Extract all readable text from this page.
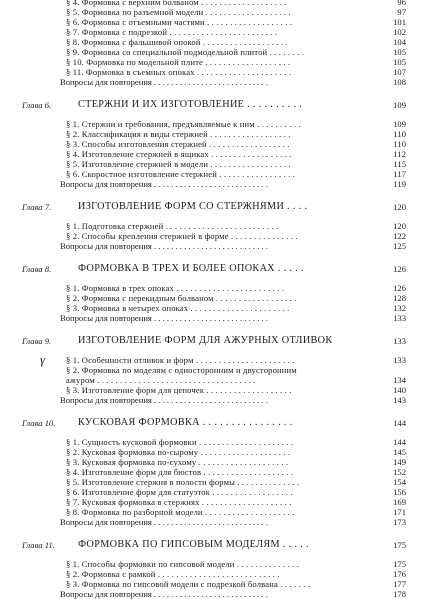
§ 4. Формовка с верхним болваном . . . . . . . . . . . . . . . . . . .	96
§ 5. Формовка по разъемной модели . . . . . . . . . . . . . . . . . . .	97
§ 6. Формовка с отъемными частями . . . . . . . . . . . . . . . . . . .	101
§ 7. Формовка с подрезкой . . . . . . . . . . . . . . . . . . . . . . . .	102
§ 8. Формовка с фальшивой опокой . . . . . . . . . . . . . . . . . . .	104
§ 9. Формовка со специальной подмодельной плитой . . . . . . . .	105
§ 10. Формовка по модельной плите . . . . . . . . . . . . . . . . . . .	105
§ 11. Формовка в съемных опоках . . . . . . . . . . . . . . . . . . . . .	107
Вопросы для повторения . . . . . . . . . . . . . . . . . . . . . . . . . . .	108
Глава 6.	СТЕРЖНИ И ИХ ИЗГОТОВЛЕНИЕ . . . . . . . . . .	109
§ 1. Стержни и требования, предъявляемые к ним . . . . . . . . . .	109
§ 2. Классификация и виды стержней . . . . . . . . . . . . . . . . . .	110
§ 3. Способы изготовления стержней . . . . . . . . . . . . . . . . . .	110
§ 4. Изготовление стержней в ящиках . . . . . . . . . . . . . . . . . .	112
§ 5. Изготовление стержней в модели . . . . . . . . . . . . . . . . . .	115
§ 6. Скоростное изготовление стержней . . . . . . . . . . . . . . . . .	117
Вопросы для повторения . . . . . . . . . . . . . . . . . . . . . . . . . . .	119
Глава 7.	ИЗГОТОВЛЕНИЕ ФОРМ СО СТЕРЖНЯМИ . . . .	120
§ 1. Подготовка стержней . . . . . . . . . . . . . . . . . . . . . . . . .	120
§ 2. Способы крепления стержней в форме . . . . . . . . . . . . . . .	122
Вопросы для повторения . . . . . . . . . . . . . . . . . . . . . . . . . . .	125
Глава 8.	ФОРМОВКА В ТРЕХ И БОЛЕЕ ОПОКАХ . . . . .	126
§ 1. Формовка в трех опоках . . . . . . . . . . . . . . . . . . . . . . . .	126
§ 2. Формовка с перекидным болваном . . . . . . . . . . . . . . . . . .	128
§ 3. Формовка в четырех опоках . . . . . . . . . . . . . . . . . . . . . .	132
Вопросы для повторения . . . . . . . . . . . . . . . . . . . . . . . . . . .	133
Глава 9.	ИЗГОТОВЛЕНИЕ ФОРМ ДЛЯ АЖУРНЫХ ОТЛИВОК	133
§ 1. Особенности отливок и форм . . . . . . . . . . . . . . . . . . . . . .	133
§ 2. Формовка по моделям с односторонним и двусторонним
ажуром . . . . . . . . . . . . . . . . . . . . . . . . . . . . . . . . . . .	134
§ 3. Изготовление форм для цепочек . . . . . . . . . . . . . . . . . . .	140
Вопросы для повторения . . . . . . . . . . . . . . . . . . . . . . . . . . .	143
Глава 10. КУСКОВАЯ ФОРМОВКА . . . . . . . . . . . . . . . .	144
§ 1. Сущность кусковой формовки . . . . . . . . . . . . . . . . . . . . .	144
§ 2. Кусковая формовка по-сырому . . . . . . . . . . . . . . . . . . . .	145
§ 3. Кусковая формовка по-сухому . . . . . . . . . . . . . . . . . . . .	149
§ 4. Изготовление форм для бюстов . . . . . . . . . . . . . . . . . . . .	152
§ 5. Изготовление стержня в полости формы . . . . . . . . . . . . . .	154
§ 6. Изготовление форм для статуэток . . . . . . . . . . . . . . . . . .	156
§ 7. Кусковая формовка в стержнях . . . . . . . . . . . . . . . . . . . .	169
§ 8. Формовка по разборной модели . . . . . . . . . . . . . . . . . . . .	171
Вопросы для повторения . . . . . . . . . . . . . . . . . . . . . . . . . . .	173
Глава 11. ФОРМОВКА ПО ГИПСОВЫМ МОДЕЛЯМ . . . . .	175
§ 1. Способы формовки по гипсовой модели . . . . . . . . . . . . . .	175
§ 2. Формовка с рамкой . . . . . . . . . . . . . . . . . . . . . . . . . . .	176
§ 3. Формовка по гипсовой модели с подрезкой болвана . . . . . . .	177
Вопросы для повторения . . . . . . . . . . . . . . . . . . . . . . . . . . .	178
γ
